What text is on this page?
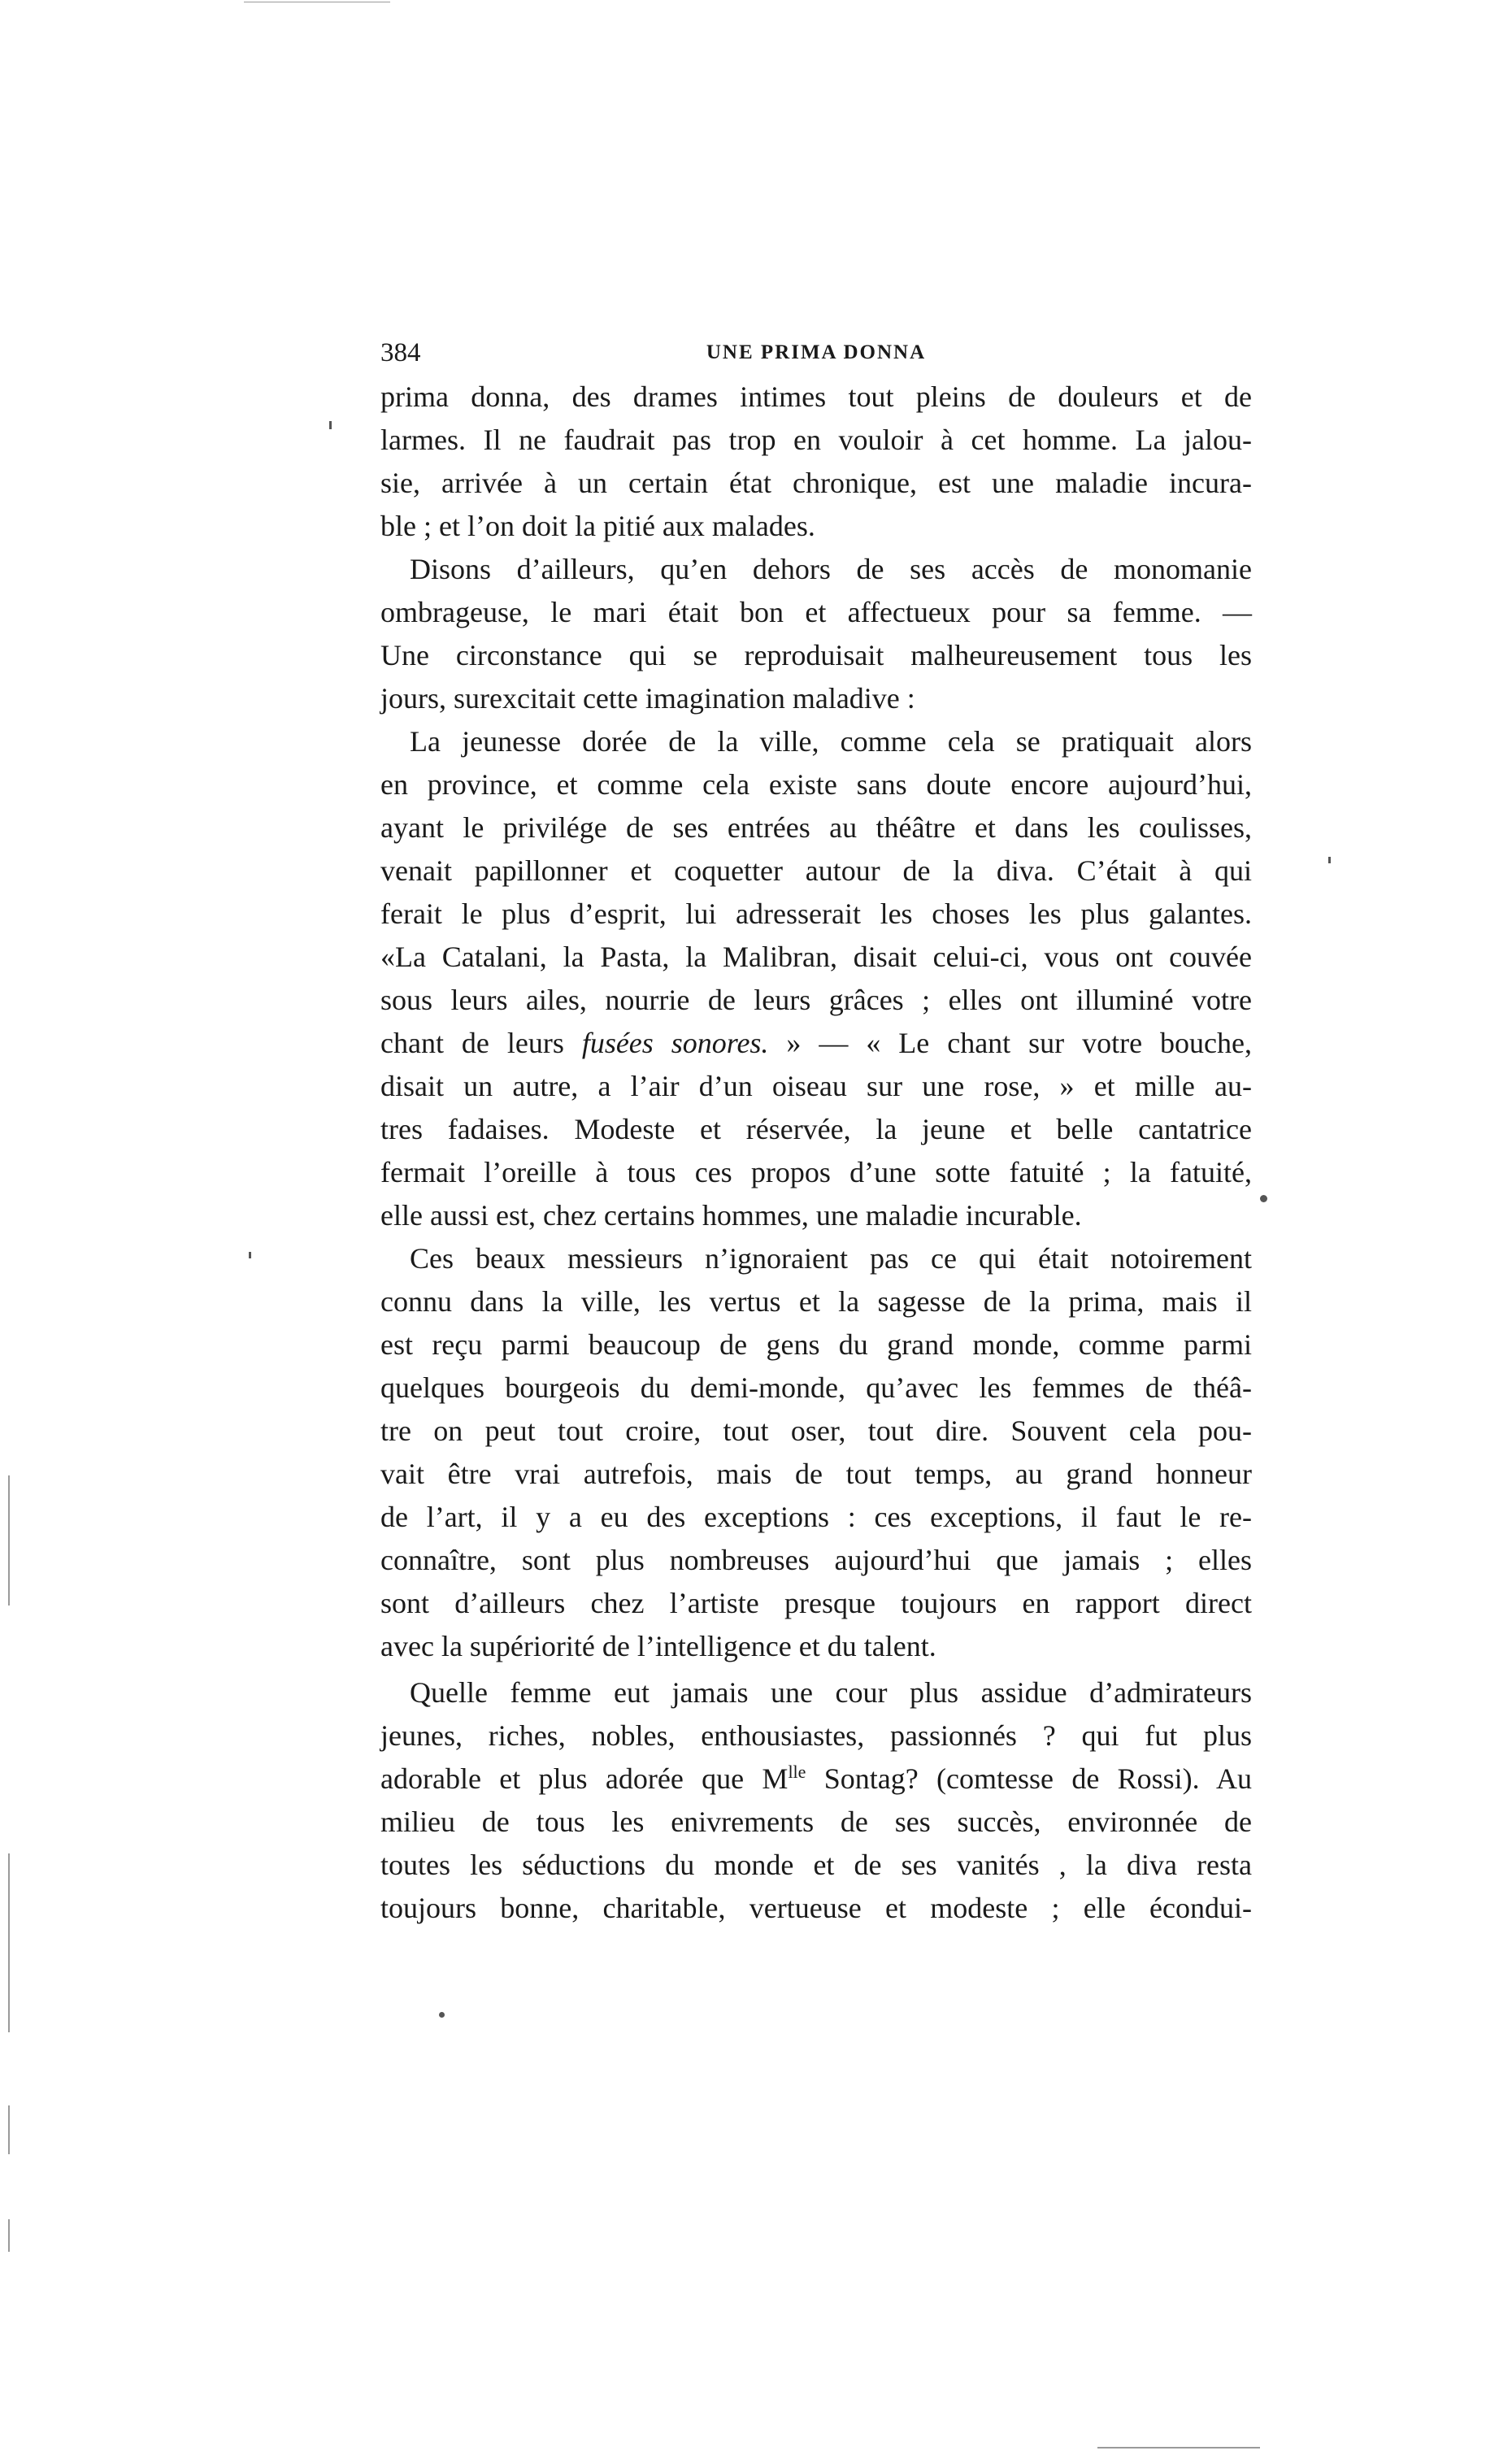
384	UNE PRIMA DONNA
prima donna, des drames intimes tout pleins de douleurs et de
larmes. Il ne faudrait pas trop en vouloir à cet homme. La jalou-
sie, arrivée à un certain état chronique, est une maladie incura-
ble ; et l’on doit la pitié aux malades.
Disons d’ailleurs, qu’en dehors de ses accès de monomanie
ombrageuse, le mari était bon et affectueux pour sa femme. —
Une circonstance qui se reproduisait malheureusement tous les
jours, surexcitait cette imagination maladive :
La jeunesse dorée de la ville, comme cela se pratiquait alors
en province, et comme cela existe sans doute encore aujourd’hui,
ayant le privilége de ses entrées au théâtre et dans les coulisses,
venait papillonner et coquetter autour de la diva. C’était à qui
ferait le plus d’esprit, lui adresserait les choses les plus galantes.
«La Catalani, la Pasta, la Malibran, disait celui-ci, vous ont couvée
sous leurs ailes, nourrie de leurs grâces ; elles ont illuminé votre
chant de leurs fusées sonores. » — « Le chant sur votre bouche,
disait un autre, a l’air d’un oiseau sur une rose, » et mille au-
tres fadaises. Modeste et réservée, la jeune et belle cantatrice
fermait l’oreille à tous ces propos d’une sotte fatuité ; la fatuité,
elle aussi est, chez certains hommes, une maladie incurable.
Ces beaux messieurs n’ignoraient pas ce qui était notoirement
connu dans la ville, les vertus et la sagesse de la prima, mais il
est reçu parmi beaucoup de gens du grand monde, comme parmi
quelques bourgeois du demi-monde, qu’avec les femmes de théâ-
tre on peut tout croire, tout oser, tout dire. Souvent cela pou-
vait être vrai autrefois, mais de tout temps, au grand honneur
de l’art, il y a eu des exceptions : ces exceptions, il faut le re-
connaître, sont plus nombreuses aujourd’hui que jamais ; elles
sont d’ailleurs chez l’artiste presque toujours en rapport direct
avec la supériorité de l’intelligence et du talent.
Quelle femme eut jamais une cour plus assidue d’admirateurs
jeunes, riches, nobles, enthousiastes, passionnés ? qui fut plus
adorable et plus adorée que $M^{lle}$ Sontag? (comtesse de Rossi). Au
milieu de tous les enivrements de ses succès, environnée de
toutes les séductions du monde et de ses vanités , la diva resta
toujours bonne, charitable, vertueuse et modeste ; elle écondui-
